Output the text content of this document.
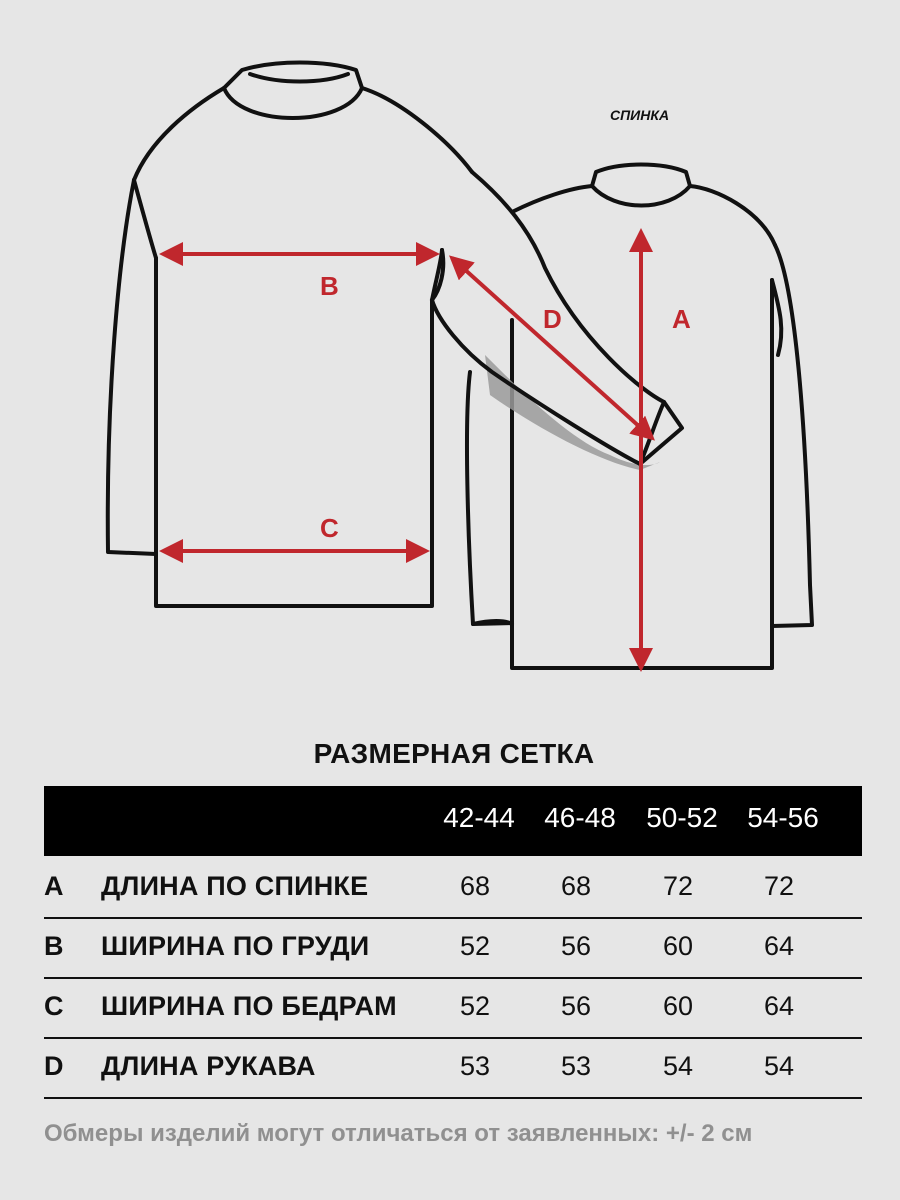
B
C
D	A
СПИНКА
РАЗМЕРНАЯ СЕТКА
42-44	46-48	50-52	54-56
A ДЛИНА ПО СПИНКЕ	68	68	72	72
B ШИРИНА ПО ГРУДИ	52	56	60	64
C ШИРИНА ПО БЕДРАМ	52	56	60	64
D ДЛИНА РУКАВА	53	53	54	54
Обмеры изделий могут отличаться от заявленных: +/- 2 см
